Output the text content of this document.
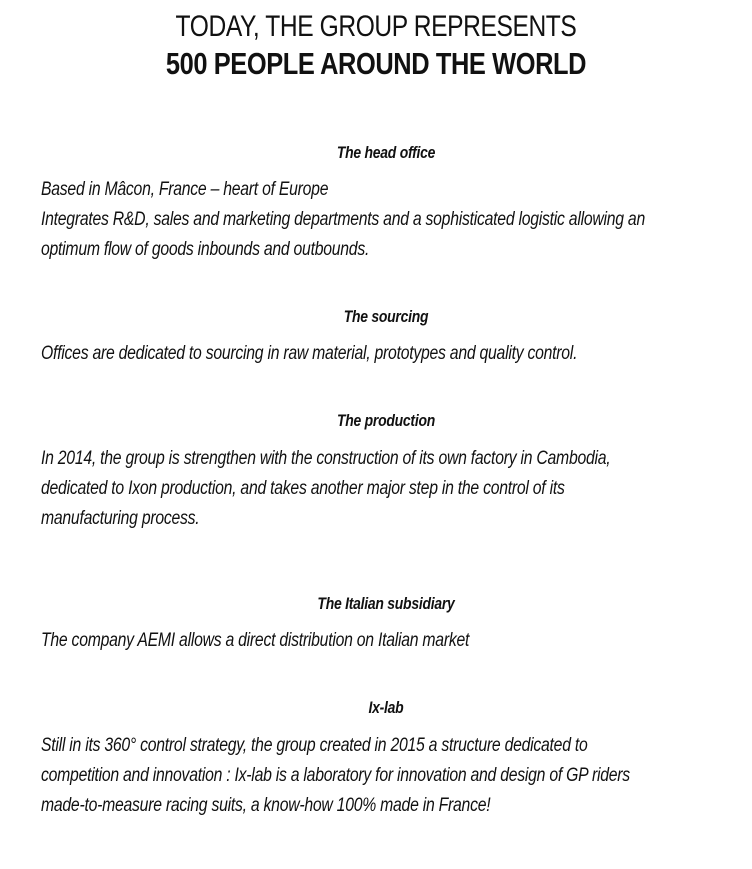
TODAY, THE GROUP REPRESENTS
500 PEOPLE AROUND THE WORLD
The head office
Based in Mâcon, France – heart of Europe
Integrates R&D, sales and marketing departments and a sophisticated logistic allowing an
optimum flow of goods inbounds and outbounds.
The sourcing
Offices are dedicated to sourcing in raw material, prototypes and quality control.
The production
In 2014, the group is strengthen with the construction of its own factory in Cambodia,
dedicated to Ixon production, and takes another major step in the control of its
manufacturing process.
The Italian subsidiary
The company AEMI allows a direct distribution on Italian market
Ix-lab
Still in its 360° control strategy, the group created in 2015 a structure dedicated to
competition and innovation : Ix-lab is a laboratory for innovation and design of GP riders
made-to-measure racing suits, a know-how 100% made in France!
